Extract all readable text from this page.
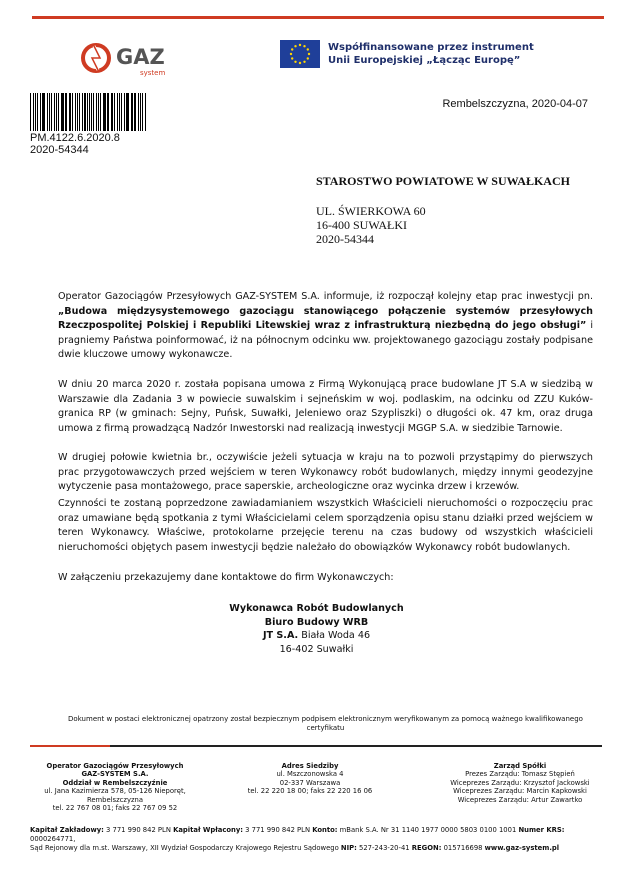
GAZ
system
Współfinansowane przez instrument
Unii Europejskiej „Łącząc Europę”
PM.4122.6.2020.8
2020-54344
Rembelszczyzna, 2020-04-07
STAROSTWO POWIATOWE W SUWAŁKACH
UL. ŚWIERKOWA 60
16-400 SUWAŁKI
2020-54344
Operator Gazociągów Przesyłowych GAZ-SYSTEM S.A. informuje, iż rozpoczął kolejny etap prac inwestycji pn. „Budowa międzysystemowego gazociągu stanowiącego połączenie systemów przesyłowych Rzeczpospolitej Polskiej i Republiki Litewskiej wraz z infrastrukturą niezbędną do jego obsługi” i pragniemy Państwa poinformować, iż na północnym odcinku ww. projektowanego gazociągu zostały podpisane dwie kluczowe umowy wykonawcze.
W dniu 20 marca 2020 r. została popisana umowa z Firmą Wykonującą prace budowlane JT S.A w siedzibą w Warszawie dla Zadania 3 w powiecie suwalskim i sejneńskim w woj. podlaskim, na odcinku od ZZU Kuków-granica RP (w gminach: Sejny, Puńsk, Suwałki, Jeleniewo oraz Szypliszki) o długości ok. 47 km, oraz druga umowa z firmą prowadzącą Nadzór Inwestorski nad realizacją inwestycji MGGP S.A. w siedzibie Tarnowie.
W drugiej połowie kwietnia br., oczywiście jeżeli sytuacja w kraju na to pozwoli przystąpimy do pierwszych prac przygotowawczych przed wejściem w teren Wykonawcy robót budowlanych, między innymi geodezyjne wytyczenie pasa montażowego, prace saperskie, archeologiczne oraz wycinka drzew i krzewów.
Czynności te zostaną poprzedzone zawiadamianiem wszystkich Właścicieli nieruchomości o rozpoczęciu prac oraz umawiane będą spotkania z tymi Właścicielami celem sporządzenia opisu stanu działki przed wejściem w teren Wykonawcy. Właściwe, protokolarne przejęcie terenu na czas budowy od wszystkich właścicieli nieruchomości objętych pasem inwestycji będzie należało do obowiązków Wykonawcy robót budowlanych.
W załączeniu przekazujemy dane kontaktowe do firm Wykonawczych:
Wykonawca Robót Budowlanych
Biuro Budowy WRB
JT S.A. Biała Woda 46
16-402 Suwałki
Dokument w postaci elektronicznej opatrzony został bezpiecznym podpisem elektronicznym weryfikowanym za pomocą ważnego kwalifikowanego certyfikatu
Operator Gazociągów Przesyłowych
GAZ-SYSTEM S.A.
Oddział w Rembelszczyźnie
ul. Jana Kazimierza 578, 05-126 Nieporęt,
Rembelszczyzna
tel. 22 767 08 01; faks 22 767 09 52
Adres Siedziby
ul. Mszczonowska 4
02-337 Warszawa
tel. 22 220 18 00; faks 22 220 16 06
Zarząd Spółki
Prezes Zarządu: Tomasz Stępień
Wiceprezes Zarządu: Krzysztof Jackowski
Wiceprezes Zarządu: Marcin Kapkowski
Wiceprezes Zarządu: Artur Zawartko
Kapitał Zakładowy: 3 771 990 842 PLN Kapitał Wpłacony: 3 771 990 842 PLN Konto: mBank S.A. Nr 31 1140 1977 0000 5803 0100 1001 Numer KRS: 0000264771,
Sąd Rejonowy dla m.st. Warszawy, XII Wydział Gospodarczy Krajowego Rejestru Sądowego NIP: 527-243-20-41 REGON: 015716698 www.gaz-system.pl
